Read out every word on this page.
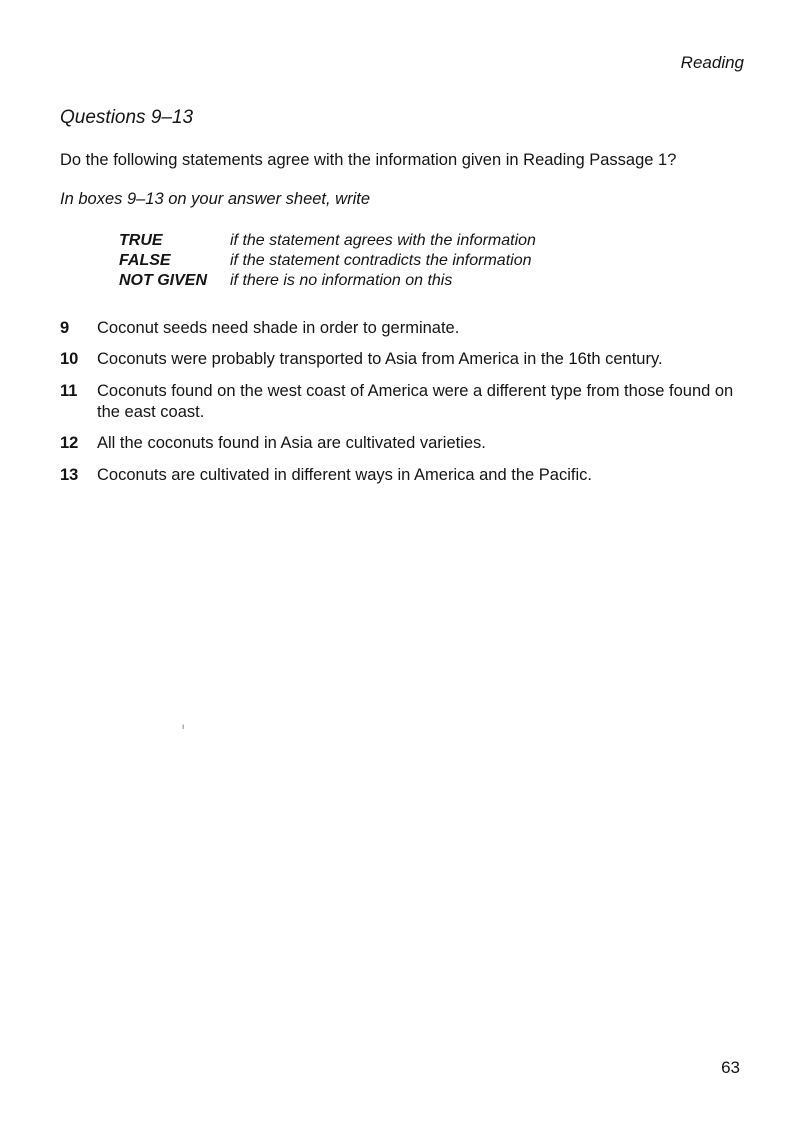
Reading
Questions 9–13
Do the following statements agree with the information given in Reading Passage 1?
In boxes 9–13 on your answer sheet, write
TRUE	if the statement agrees with the information
FALSE	if the statement contradicts the information
NOT GIVEN	if there is no information on this
9	Coconut seeds need shade in order to germinate.
10	Coconuts were probably transported to Asia from America in the 16th century.
11	Coconuts found on the west coast of America were a different type from those found on the east coast.
12	All the coconuts found in Asia are cultivated varieties.
13	Coconuts are cultivated in different ways in America and the Pacific.
ı
63
